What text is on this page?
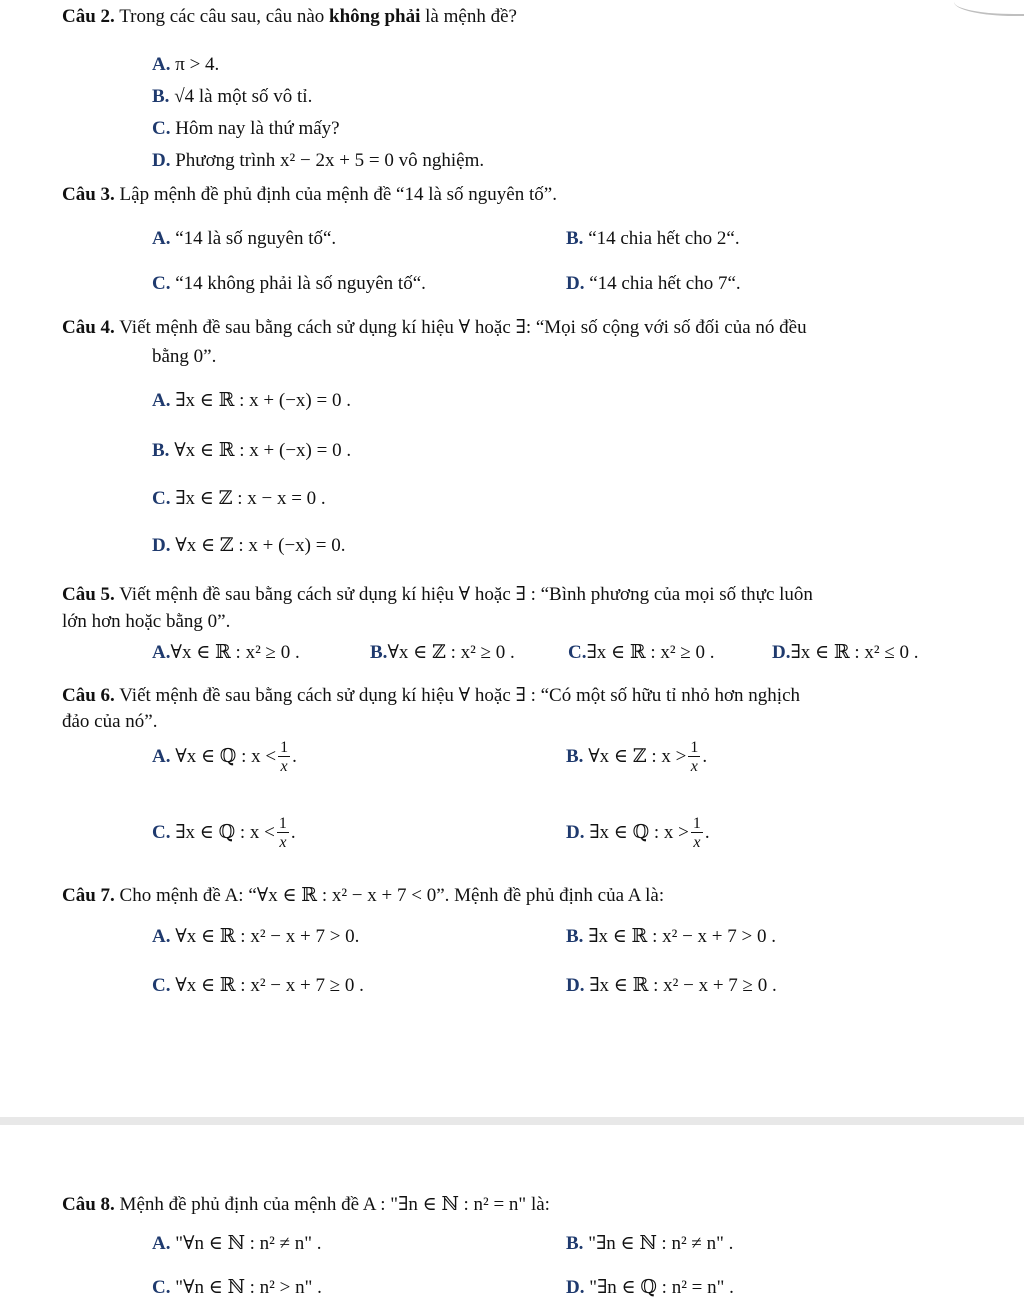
Câu 2. Trong các câu sau, câu nào không phải là mệnh đề?
A. π > 4.
B. √4 là một số vô tỉ.
C. Hôm nay là thứ mấy?
D. Phương trình x² − 2x + 5 = 0 vô nghiệm.
Câu 3. Lập mệnh đề phủ định của mệnh đề “14 là số nguyên tố”.
A. “14 là số nguyên tố“.	B. “14 chia hết cho 2“.
C. “14 không phải là số nguyên tố“.	D. “14 chia hết cho 7“.
Câu 4. Viết mệnh đề sau bằng cách sử dụng kí hiệu ∀ hoặc ∃: “Mọi số cộng với số đối của nó đều
bằng 0”.
A. ∃x ∈ ℝ : x + (−x) = 0 .
B. ∀x ∈ ℝ : x + (−x) = 0 .
C. ∃x ∈ ℤ : x − x = 0 .
D. ∀x ∈ ℤ : x + (−x) = 0.
Câu 5. Viết mệnh đề sau bằng cách sử dụng kí hiệu ∀ hoặc ∃ : “Bình phương của mọi số thực luôn
lớn hơn hoặc bằng 0”.
A.∀x ∈ ℝ : x² ≥ 0 .	B.∀x ∈ ℤ : x² ≥ 0 .	C.∃x ∈ ℝ : x² ≥ 0 .	D.∃x ∈ ℝ : x² ≤ 0 .
Câu 6. Viết mệnh đề sau bằng cách sử dụng kí hiệu ∀ hoặc ∃ : “Có một số hữu tỉ nhỏ hơn nghịch
đảo của nó”.
A. ∀x ∈ ℚ : $x < \frac{1}{x}$ .	B. ∀x ∈ ℤ : $x > \frac{1}{x}$ .
C. ∃x ∈ ℚ : $x < \frac{1}{x}$ .	D. ∃x ∈ ℚ : $x > \frac{1}{x}$ .
Câu 7. Cho mệnh đề A: “∀x ∈ ℝ : x² − x + 7 < 0”. Mệnh đề phủ định của A là:
A. ∀x ∈ ℝ : x² − x + 7 > 0.	B. ∃x ∈ ℝ : x² − x + 7 > 0 .
C. ∀x ∈ ℝ : x² − x + 7 ≥ 0 .	D. ∃x ∈ ℝ : x² − x + 7 ≥ 0 .
Câu 8. Mệnh đề phủ định của mệnh đề A : "∃n ∈ ℕ : n² = n" là:
A. "∀n ∈ ℕ : n² ≠ n" .	B. "∃n ∈ ℕ : n² ≠ n" .
C. "∀n ∈ ℕ : n² > n" .	D. "∃n ∈ ℚ : n² = n" .
